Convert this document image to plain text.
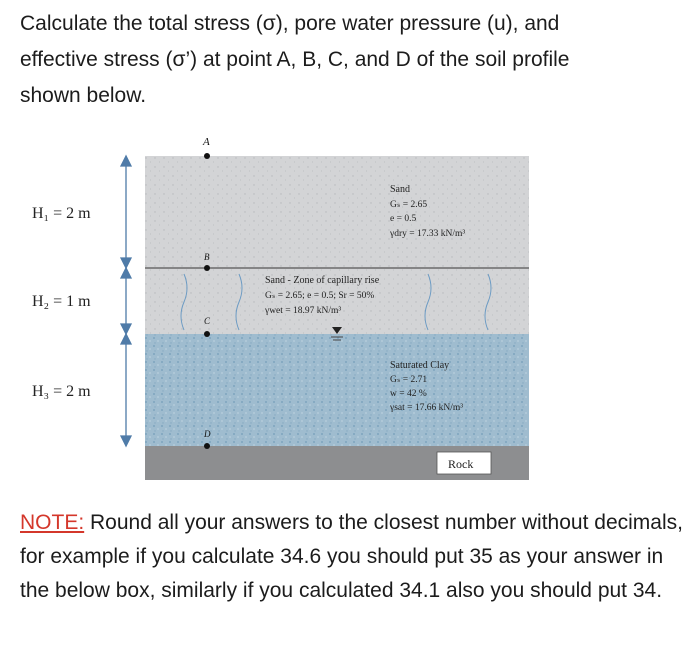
Calculate the total stress (σ), pore water pressure (u), and

effective stress (σ’) at point A, B, C, and D of the soil profile

shown below.

H₁ = 2 m
H₂ = 1 m
H₃ = 2 m
A
B
C
D
Sand
Gₛ = 2.65
e = 0.5
γdry = 17.33 kN/m³
Sand - Zone of capillary rise
Gₛ = 2.65; e = 0.5; Sr = 50%
γwet = 18.97 kN/m³
Saturated Clay
Gₛ = 2.71
w = 42 %
γsat = 17.66 kN/m³
Rock
NOTE: Round all your answers to the closest number without decimals, for example if you calculate 34.6 you should put 35 as your answer in the below box, similarly if you calculated 34.1 also you should put 34.
